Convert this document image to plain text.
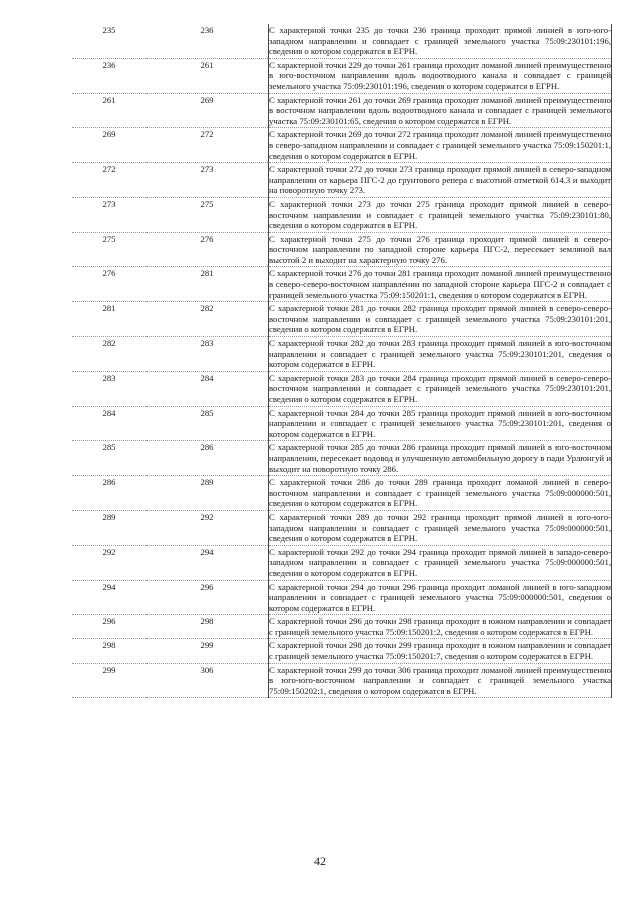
235	236	С характерной точки 235 до точки 236 граница проходит прямой линией в юго-юго-западном направлении и совпадает с границей земельного участка 75:09:230101:196, сведения о котором содержатся в ЕГРН.
236	261	С характерной точки 229 до точки 261 граница проходит ломаной линией преимущественно в юго-восточном направлении вдоль водоотводного канала и совпадает с границей земельного участка 75:09:230101:196, сведения о котором содержатся в ЕГРН.
261	269	С характерной точки 261 до точки 269 граница проходит ломаной линией преимущественно в восточном направлении вдоль водоотводного канала и совпадает с границей земельного участка 75:09:230101:65, сведения о котором содержатся в ЕГРН.
269	272	С характерной точки 269 до точки 272 граница проходит ломаной линией преимущественно в северо-западном направлении и совпадает с границей земельного участка 75:09:150201:1, сведения о котором содержатся в ЕГРН.
272	273	С характерной точки 272 до точки 273 граница проходит прямой линией в северо-западном направлении от карьера ПГС-2 до грунтового репера с высотной отметкой 614.3 и выходит на поворотную точку 273.
273	275	С характерной точки 273 до точки 275 граница проходит прямой линией в северо-восточном направлении и совпадает с границей земельного участка 75:09:230101:80, сведения о котором содержатся в ЕГРН.
275	276	С характерной точки 275 до точки 276 граница проходит прямой линией в северо-восточном направлении по западной стороне карьера ПГС-2, пересекает земляной вал высотой 2 и выходит на характерную точку 276.
276	281	С характерной точки 276 до точки 281 граница проходит ломаной линией преимущественно в северо-северо-восточном направлении по западной стороне карьера ПГС-2 и совпадает с границей земельного участка 75:09:150201:1, сведения о котором содержатся в ЕГРН.
281	282	С характерной точки 281 до точки 282 граница проходит прямой линией в северо-северо-восточном направлении и совпадает с границей земельного участка 75:09:230101:201, сведения о котором содержатся в ЕГРН.
282	283	С характерной точки 282 до точки 283 граница проходит прямой линией в юго-восточном направлении и совпадает с границей земельного участка 75:09:230101:201, сведения о котором содержатся в ЕГРН.
283	284	С характерной точки 283 до точки 284 граница проходит прямой линией в северо-северо-восточном направлении и совпадает с границей земельного участка 75:09:230101:201, сведения о котором содержатся в ЕГРН.
284	285	С характерной точки 284 до точки 285 граница проходит прямой линией в юго-восточном направлении и совпадает с границей земельного участка 75:09:230101:201, сведения о котором содержатся в ЕГРН.
285	286	С характерной точки 285 до точки 286 граница проходит прямой линией в юго-восточном направлении, пересекает водовод и улучшенную автомобильную дорогу в пади Урлюнгуй и выходит на поворотную точку 286.
286	289	С характерной точки 286 до точки 289 граница проходит ломаной линией в северо-восточном направлении и совпадает с границей земельного участка 75:09:000000:501, сведения о котором содержатся в ЕГРН.
289	292	С характерной точки 289 до точки 292 граница проходит прямой линией в юго-юго-западном направлении и совпадает с границей земельного участка 75:09:000000:501, сведения о котором содержатся в ЕГРН.
292	294	С характерной точки 292 до точки 294 граница проходит прямой линией в западо-северо-западном направлении и совпадает с границей земельного участка 75:09:000000:501, сведения о котором содержатся в ЕГРН.
294	296	С характерной точки 294 до точки 296 граница проходит ломаной линией в юго-западном направлении и совпадает с границей земельного участка 75:09:000000:501, сведения о котором содержатся в ЕГРН.
296	298	С характерной точки 296 до точки 298 граница проходит в южном направлении и совпадает с границей земельного участка 75:09:150201:2, сведения о котором содержатся в ЕГРН.
298	299	С характерной точки 298 до точки 299 граница проходит в южном направлении и совпадает с границей земельного участка 75:09:150201:7, сведения о котором содержатся в ЕГРН.
299	306	С характерной точки 299 до точки 306 граница проходит ломаной линией преимущественно в юго-юго-восточном направлении и совпадает с границей земельного участка 75:09:150202:1, сведения о котором содержатся в ЕГРН.
42
